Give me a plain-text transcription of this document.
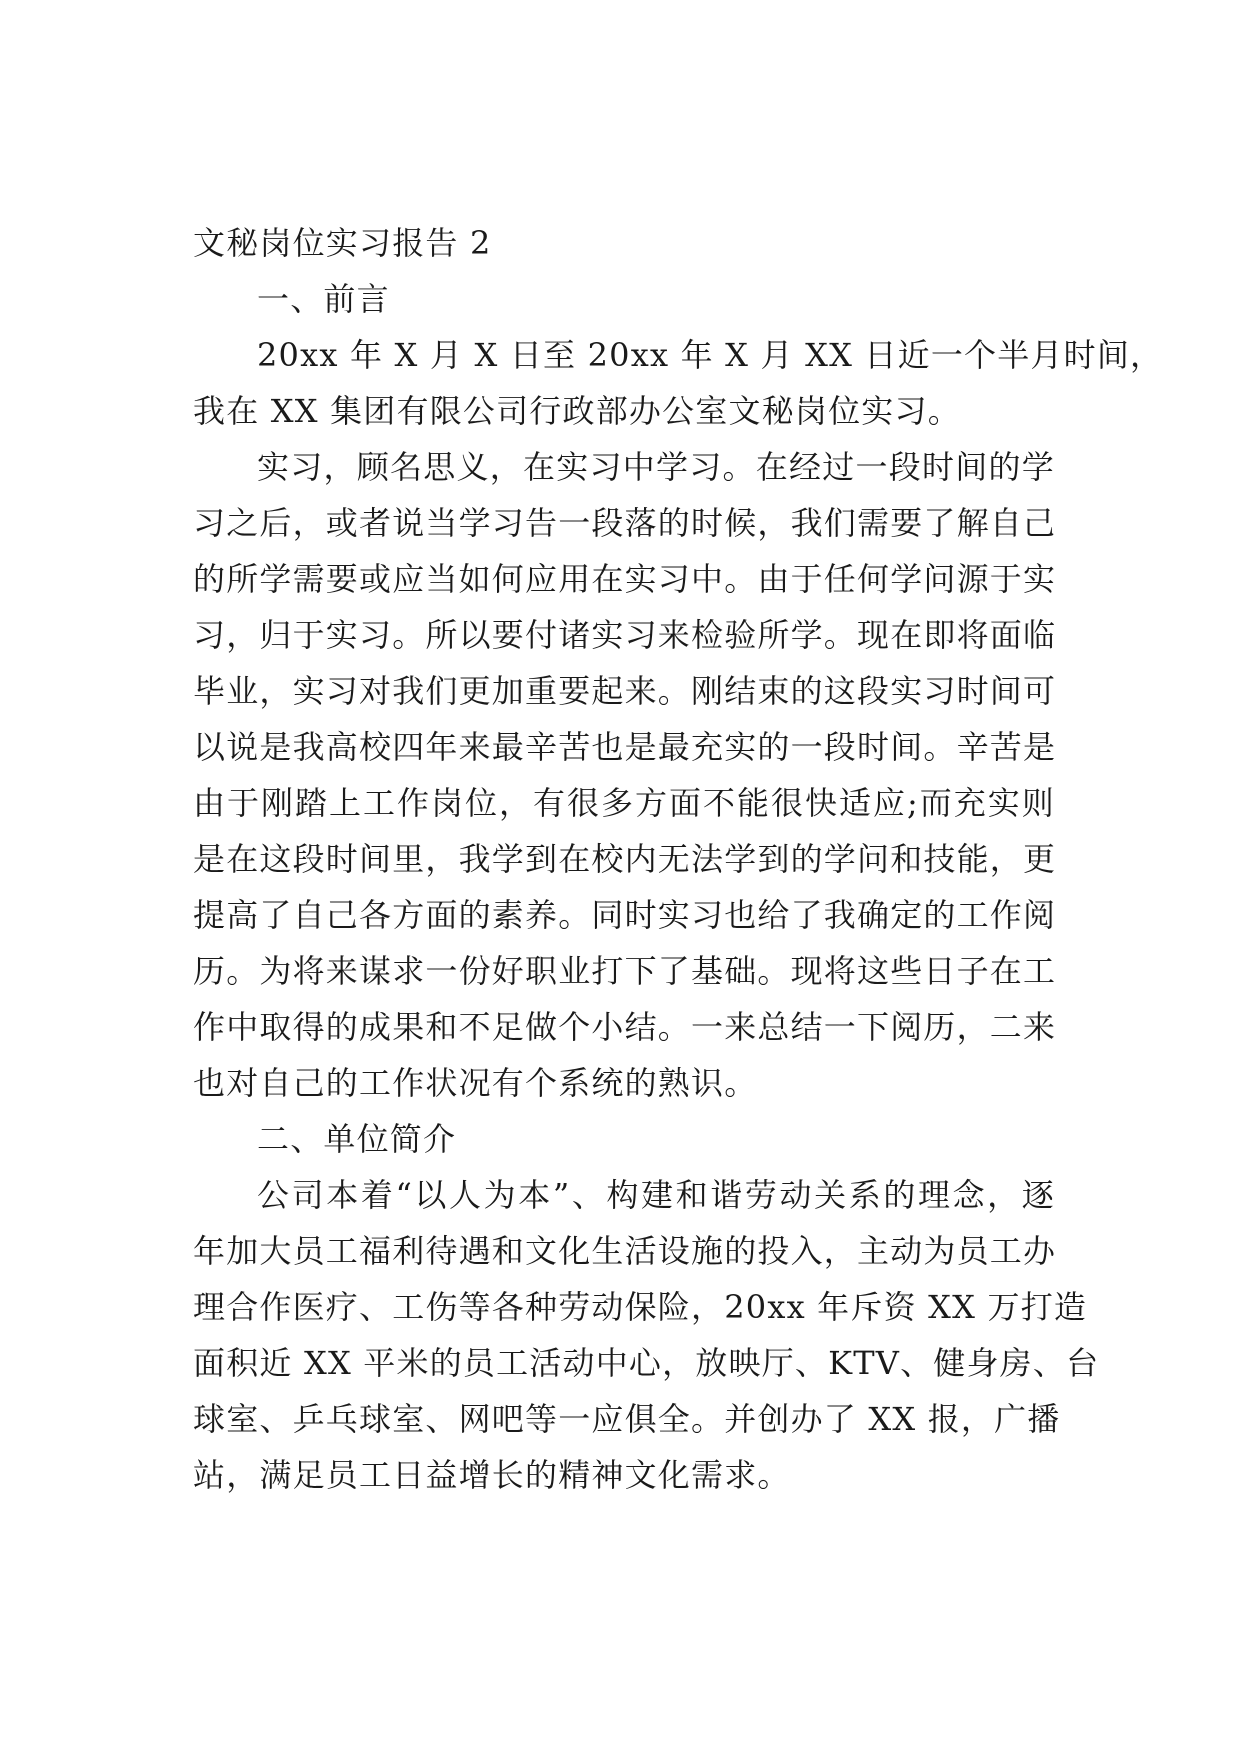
文秘岗位实习报告 2
一、前言
20xx 年 X 月 X 日至 20xx 年 X 月 XX 日近一个半月时间，
我在 XX 集团有限公司行政部办公室文秘岗位实习。
实习，顾名思义，在实习中学习。在经过一段时间的学
习之后，或者说当学习告一段落的时候，我们需要了解自己
的所学需要或应当如何应用在实习中。由于任何学问源于实
习，归于实习。所以要付诸实习来检验所学。现在即将面临
毕业，实习对我们更加重要起来。刚结束的这段实习时间可
以说是我高校四年来最辛苦也是最充实的一段时间。辛苦是
由于刚踏上工作岗位，有很多方面不能很快适应;而充实则
是在这段时间里，我学到在校内无法学到的学问和技能，更
提高了自己各方面的素养。同时实习也给了我确定的工作阅
历。为将来谋求一份好职业打下了基础。现将这些日子在工
作中取得的成果和不足做个小结。一来总结一下阅历，二来
也对自己的工作状况有个系统的熟识。
二、单位简介
公司本着“以人为本”、构建和谐劳动关系的理念，逐
年加大员工福利待遇和文化生活设施的投入，主动为员工办
理合作医疗、工伤等各种劳动保险，20xx 年斥资 XX 万打造
面积近 XX 平米的员工活动中心，放映厅、KTV、健身房、台
球室、乒乓球室、网吧等一应俱全。并创办了 XX 报，广播
站，满足员工日益增长的精神文化需求。
